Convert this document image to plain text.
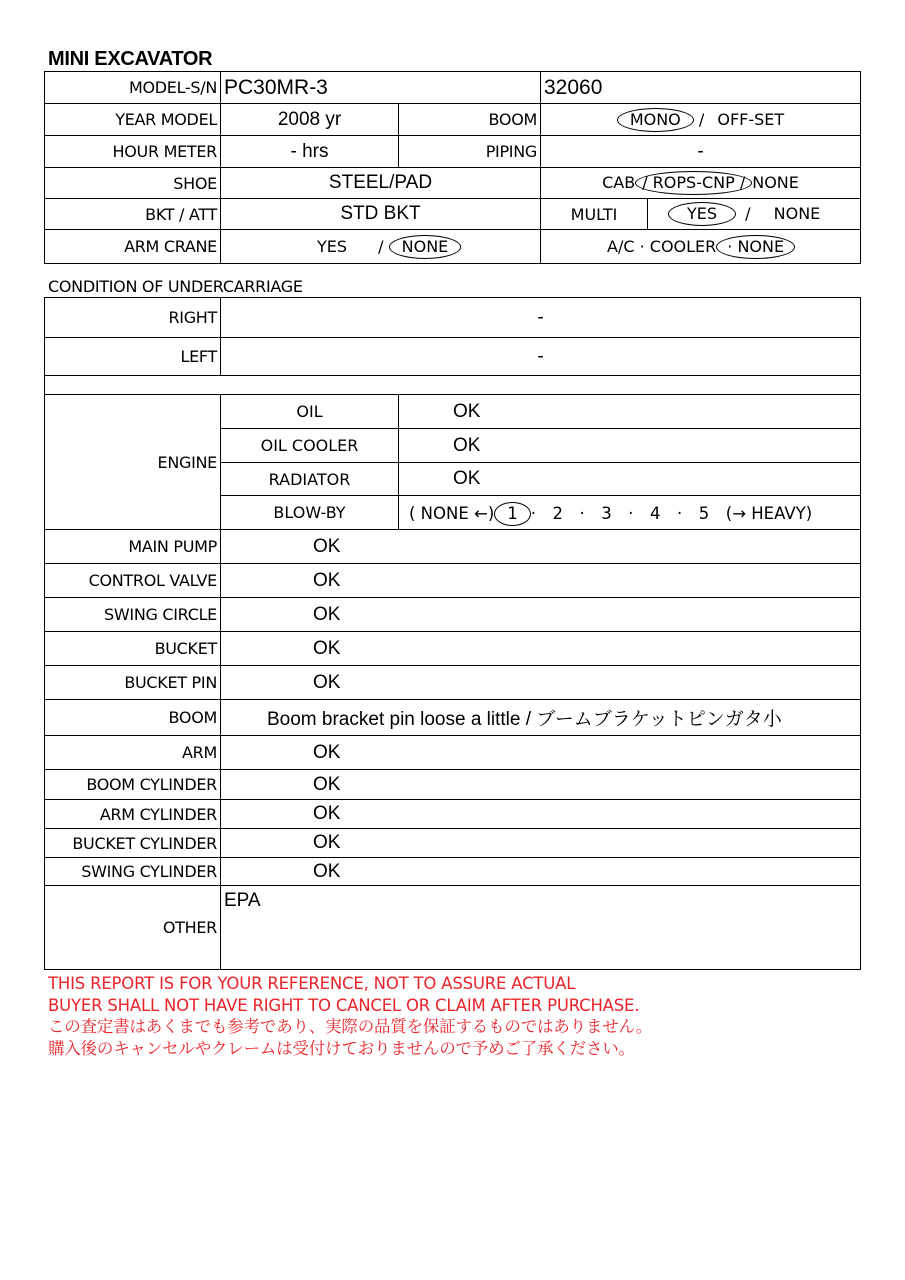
MINI EXCAVATOR
MODEL-S/N	PC30MR-3		32060	
YEAR MODEL	2008 yr	BOOM	MONO / OFF-SET	
HOUR METER	- hrs	PIPING	-	
SHOE	STEEL/PAD		CAB / ROPS-CNP / NONE	
BKT / ATT	STD BKT		MULTI	YES / NONE
ARM CRANE	YES / NONE		A/C · COOLER · NONE	
CONDITION OF UNDERCARRIAGE
RIGHT	-	
LEFT	-	

ENGINE	OIL	OK
	OIL COOLER	OK
	RADIATOR	OK
	BLOW-BY	( NONE ←) 1 ·　2　·　3　·　4　·　5　(→ HEAVY)
MAIN PUMP	OK	
CONTROL VALVE	OK	
SWING CIRCLE	OK	
BUCKET	OK	
BUCKET PIN	OK	
BOOM	Boom bracket pin loose a little / ブームブラケットピンガタ小	
ARM	OK	
BOOM CYLINDER	OK	
ARM CYLINDER	OK	
BUCKET CYLINDER	OK	
SWING CYLINDER	OK	
OTHER	EPA	
THIS REPORT IS FOR YOUR REFERENCE, NOT TO ASSURE ACTUAL
BUYER SHALL NOT HAVE RIGHT TO CANCEL OR CLAIM AFTER PURCHASE.
この査定書はあくまでも参考であり、実際の品質を保証するものではありません。
購入後のキャンセルやクレームは受付けておりませんので予めご了承ください。
